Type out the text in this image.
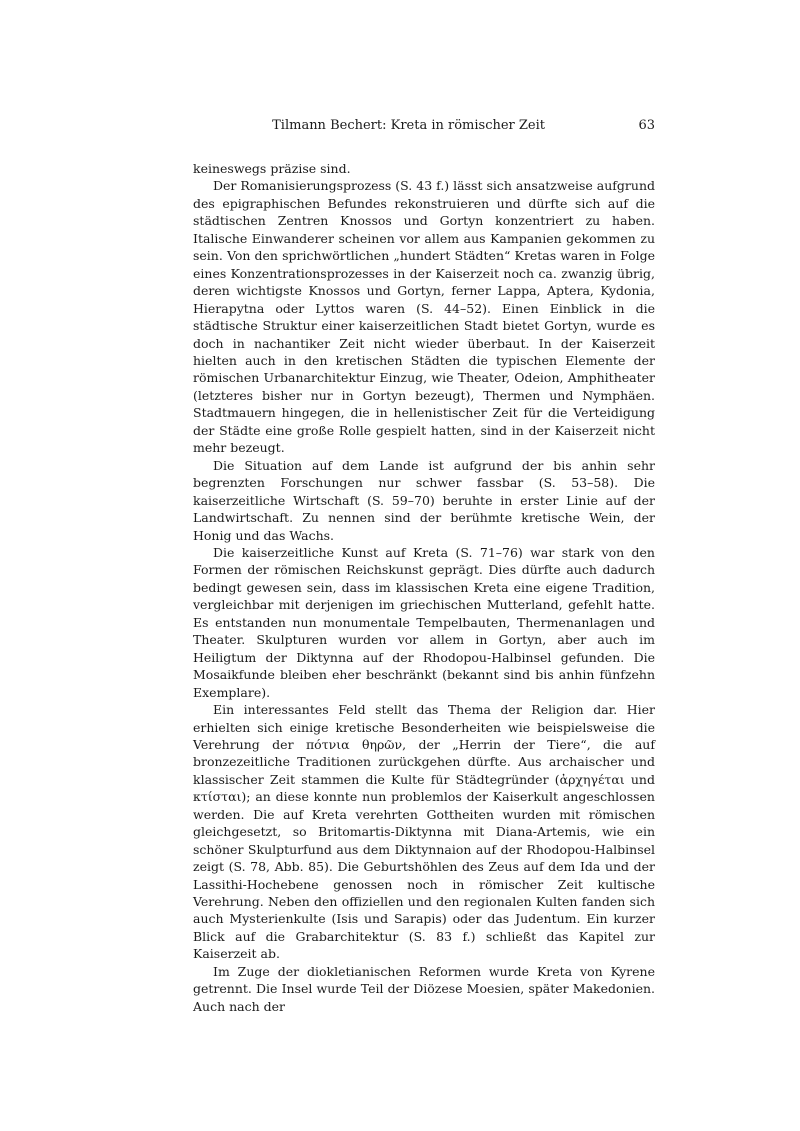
Tilmann Bechert: Kreta in römischer Zeit	63

keineswegs präzise sind.

Der Romanisierungsprozess (S. 43 f.) lässt sich ansatzweise aufgrund des epigraphischen Befundes rekonstruieren und dürfte sich auf die städtischen Zentren Knossos und Gortyn konzentriert zu haben. Italische Einwanderer scheinen vor allem aus Kampanien gekommen zu sein. Von den sprichwörtlichen „hundert Städten“ Kretas waren in Folge eines Konzentrationsprozesses in der Kaiserzeit noch ca. zwanzig übrig, deren wichtigste Knossos und Gortyn, ferner Lappa, Aptera, Kydonia, Hierapytna oder Lyttos waren (S. 44–52). Einen Einblick in die städtische Struktur einer kaiserzeitlichen Stadt bietet Gortyn, wurde es doch in nachantiker Zeit nicht wieder überbaut. In der Kaiserzeit hielten auch in den kretischen Städten die typischen Elemente der römischen Urbanarchitektur Einzug, wie Theater, Odeion, Amphitheater (letzteres bisher nur in Gortyn bezeugt), Thermen und Nymphäen. Stadtmauern hingegen, die in hellenistischer Zeit für die Verteidigung der Städte eine große Rolle gespielt hatten, sind in der Kaiserzeit nicht mehr bezeugt.

Die Situation auf dem Lande ist aufgrund der bis anhin sehr begrenzten Forschungen nur schwer fassbar (S. 53–58). Die kaiserzeitliche Wirtschaft (S. 59–70) beruhte in erster Linie auf der Landwirtschaft. Zu nennen sind der berühmte kretische Wein, der Honig und das Wachs.

Die kaiserzeitliche Kunst auf Kreta (S. 71–76) war stark von den Formen der römischen Reichskunst geprägt. Dies dürfte auch dadurch bedingt gewesen sein, dass im klassischen Kreta eine eigene Tradition, vergleichbar mit derjenigen im griechischen Mutterland, gefehlt hatte. Es entstanden nun monumentale Tempelbauten, Thermenanlagen und Theater. Skulpturen wurden vor allem in Gortyn, aber auch im Heiligtum der Diktynna auf der Rhodopou-Halbinsel gefunden. Die Mosaikfunde bleiben eher beschränkt (bekannt sind bis anhin fünfzehn Exemplare).

Ein interessantes Feld stellt das Thema der Religion dar. Hier erhielten sich einige kretische Besonderheiten wie beispielsweise die Verehrung der πότνια θηρῶν, der „Herrin der Tiere“, die auf bronzezeitliche Traditionen zurückgehen dürfte. Aus archaischer und klassischer Zeit stammen die Kulte für Städtegründer (ἀρχηγέται und κτίσται); an diese konnte nun problemlos der Kaiserkult angeschlossen werden. Die auf Kreta verehrten Gottheiten wurden mit römischen gleichgesetzt, so Britomartis-Diktynna mit Diana-Artemis, wie ein schöner Skulpturfund aus dem Diktynnaion auf der Rhodopou-Halbinsel zeigt (S. 78, Abb. 85). Die Geburtshöhlen des Zeus auf dem Ida und der Lassithi-Hochebene genossen noch in römischer Zeit kultische Verehrung. Neben den offiziellen und den regionalen Kulten fanden sich auch Mysterienkulte (Isis und Sarapis) oder das Judentum. Ein kurzer Blick auf die Grabarchitektur (S. 83 f.) schließt das Kapitel zur Kaiserzeit ab.

Im Zuge der diokletianischen Reformen wurde Kreta von Kyrene getrennt. Die Insel wurde Teil der Diözese Moesien, später Makedonien. Auch nach der
